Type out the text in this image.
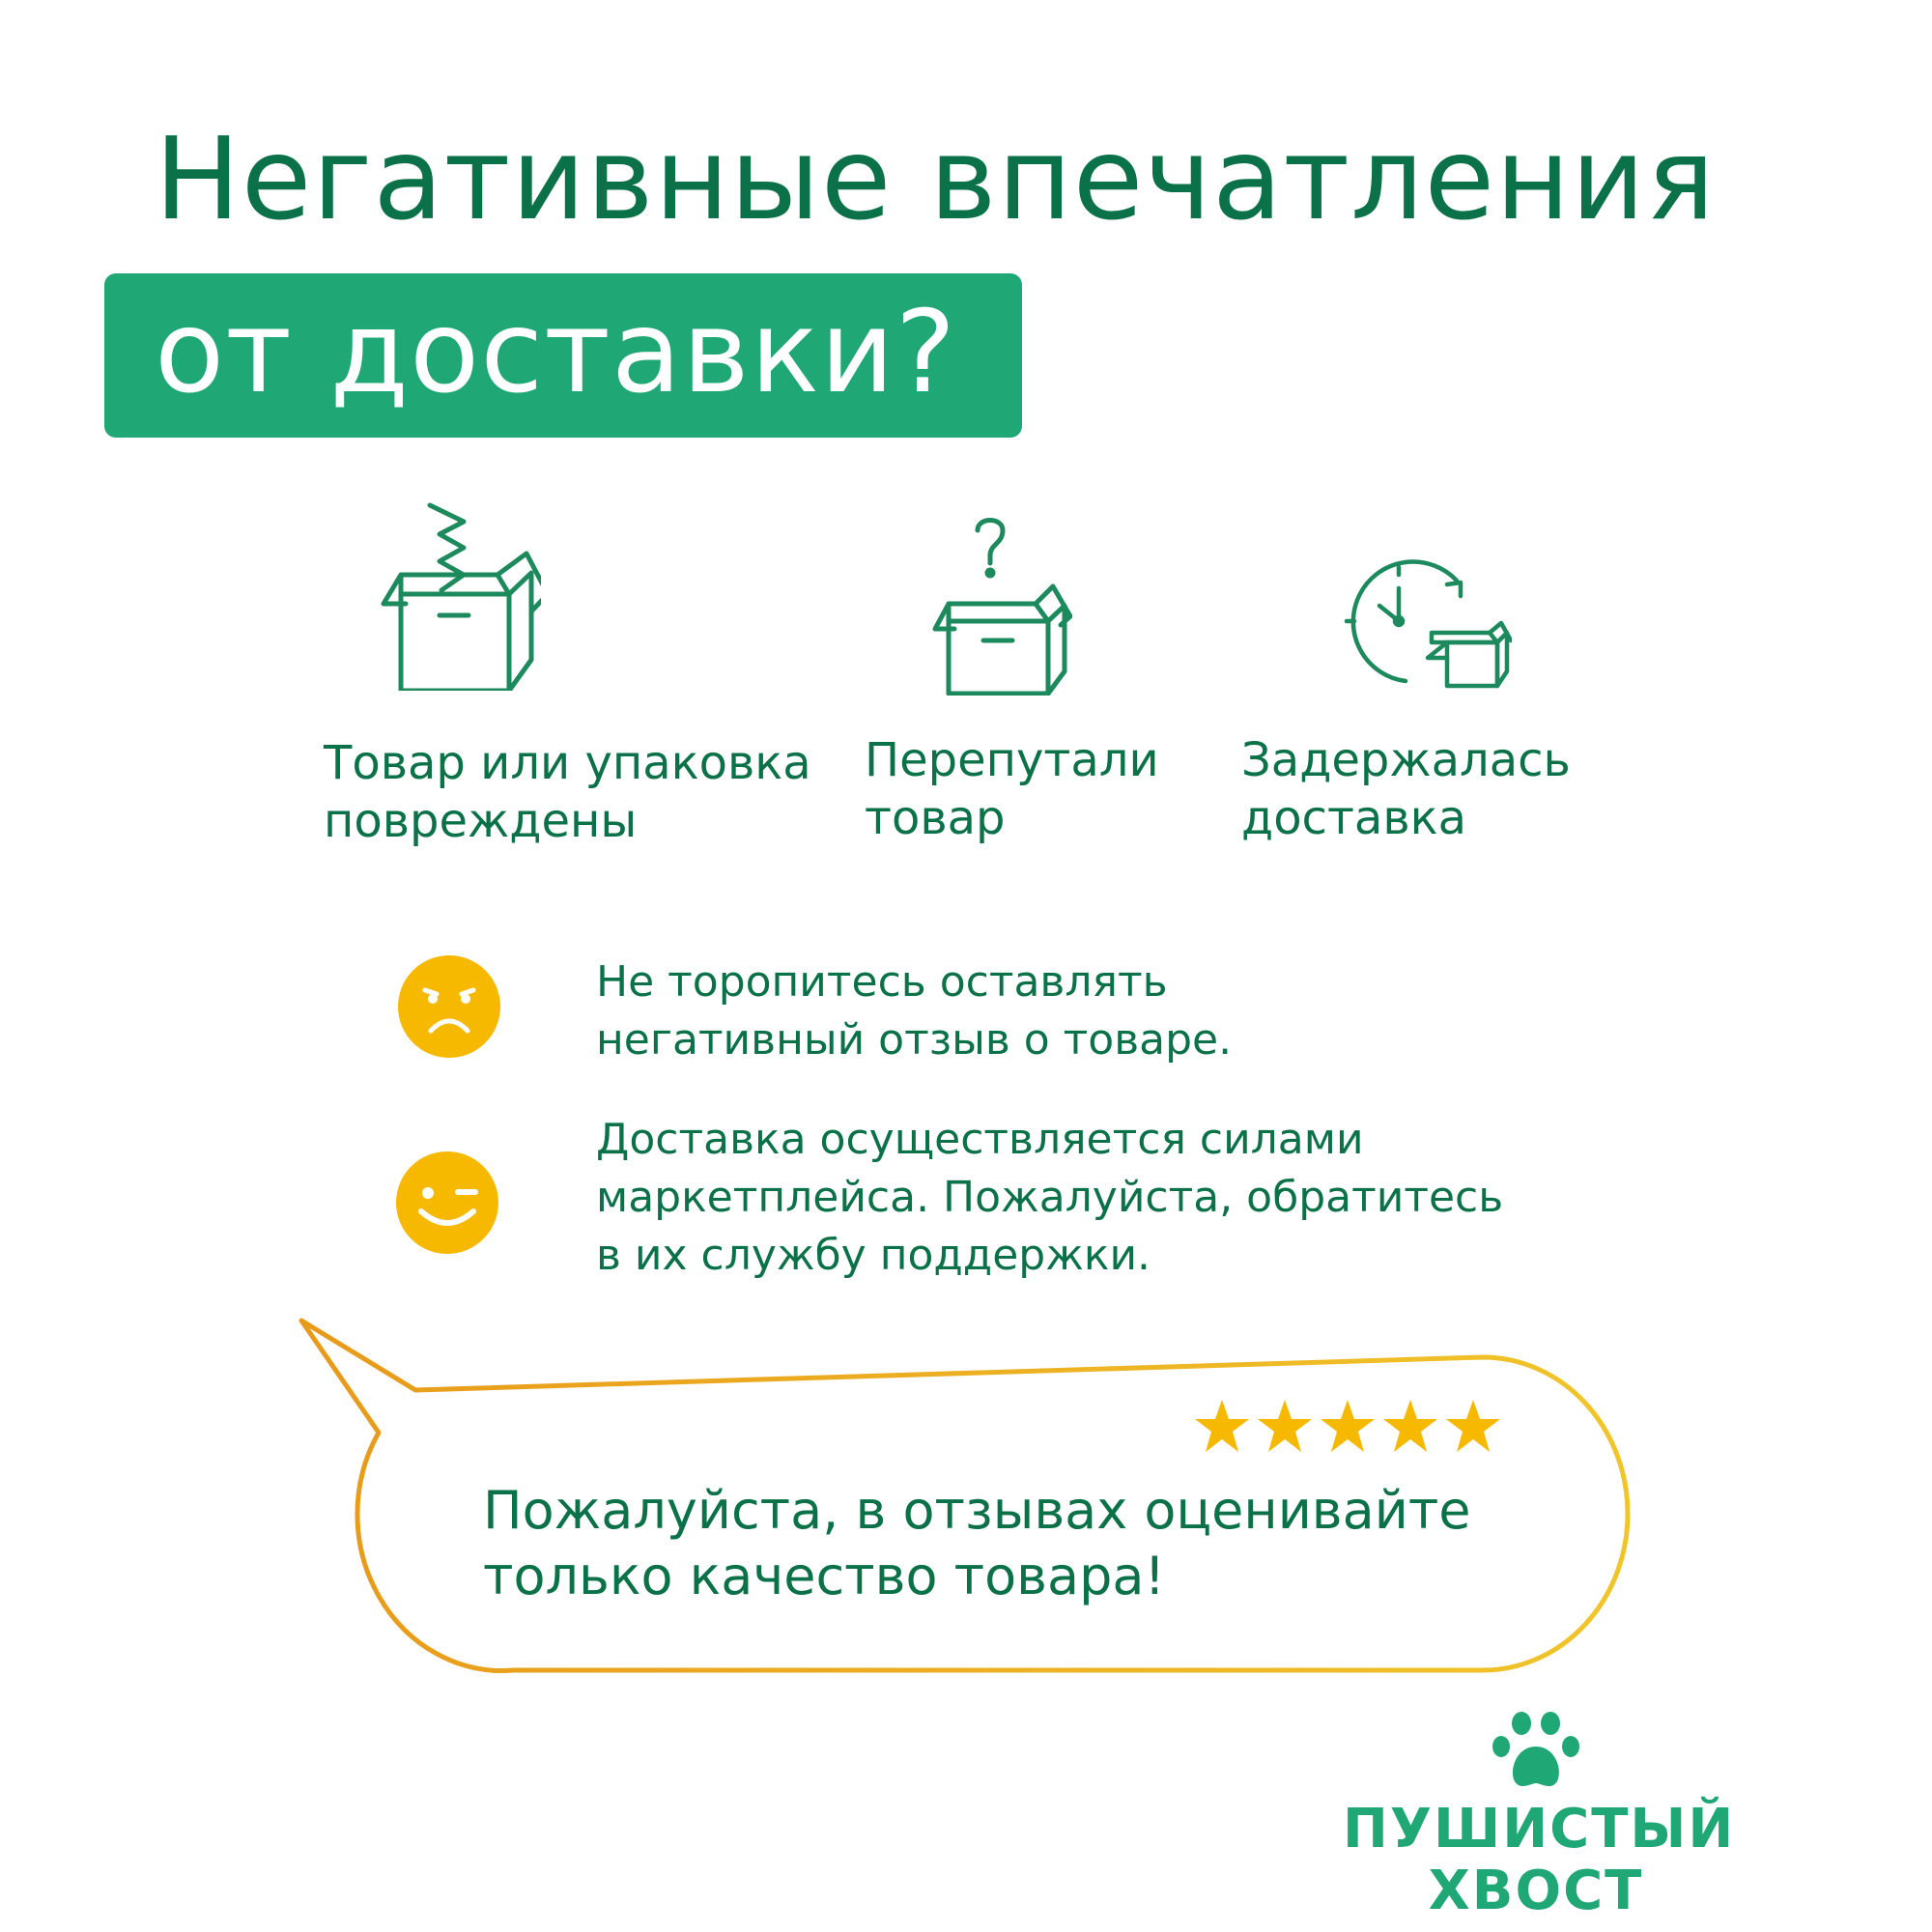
Негативные впечатления
от доставки?
Товар или упаковка
повреждены
Перепутали
товар
Задержалась
доставка
Не торопитесь оставлять
негативный отзыв о товаре.
Доставка осуществляется силами
маркетплейса. Пожалуйста, обратитесь
в их службу поддержки.
Пожалуйста, в отзывах оценивайте
только качество товара!
ПУШИСТЫЙ
ХВОСТ
